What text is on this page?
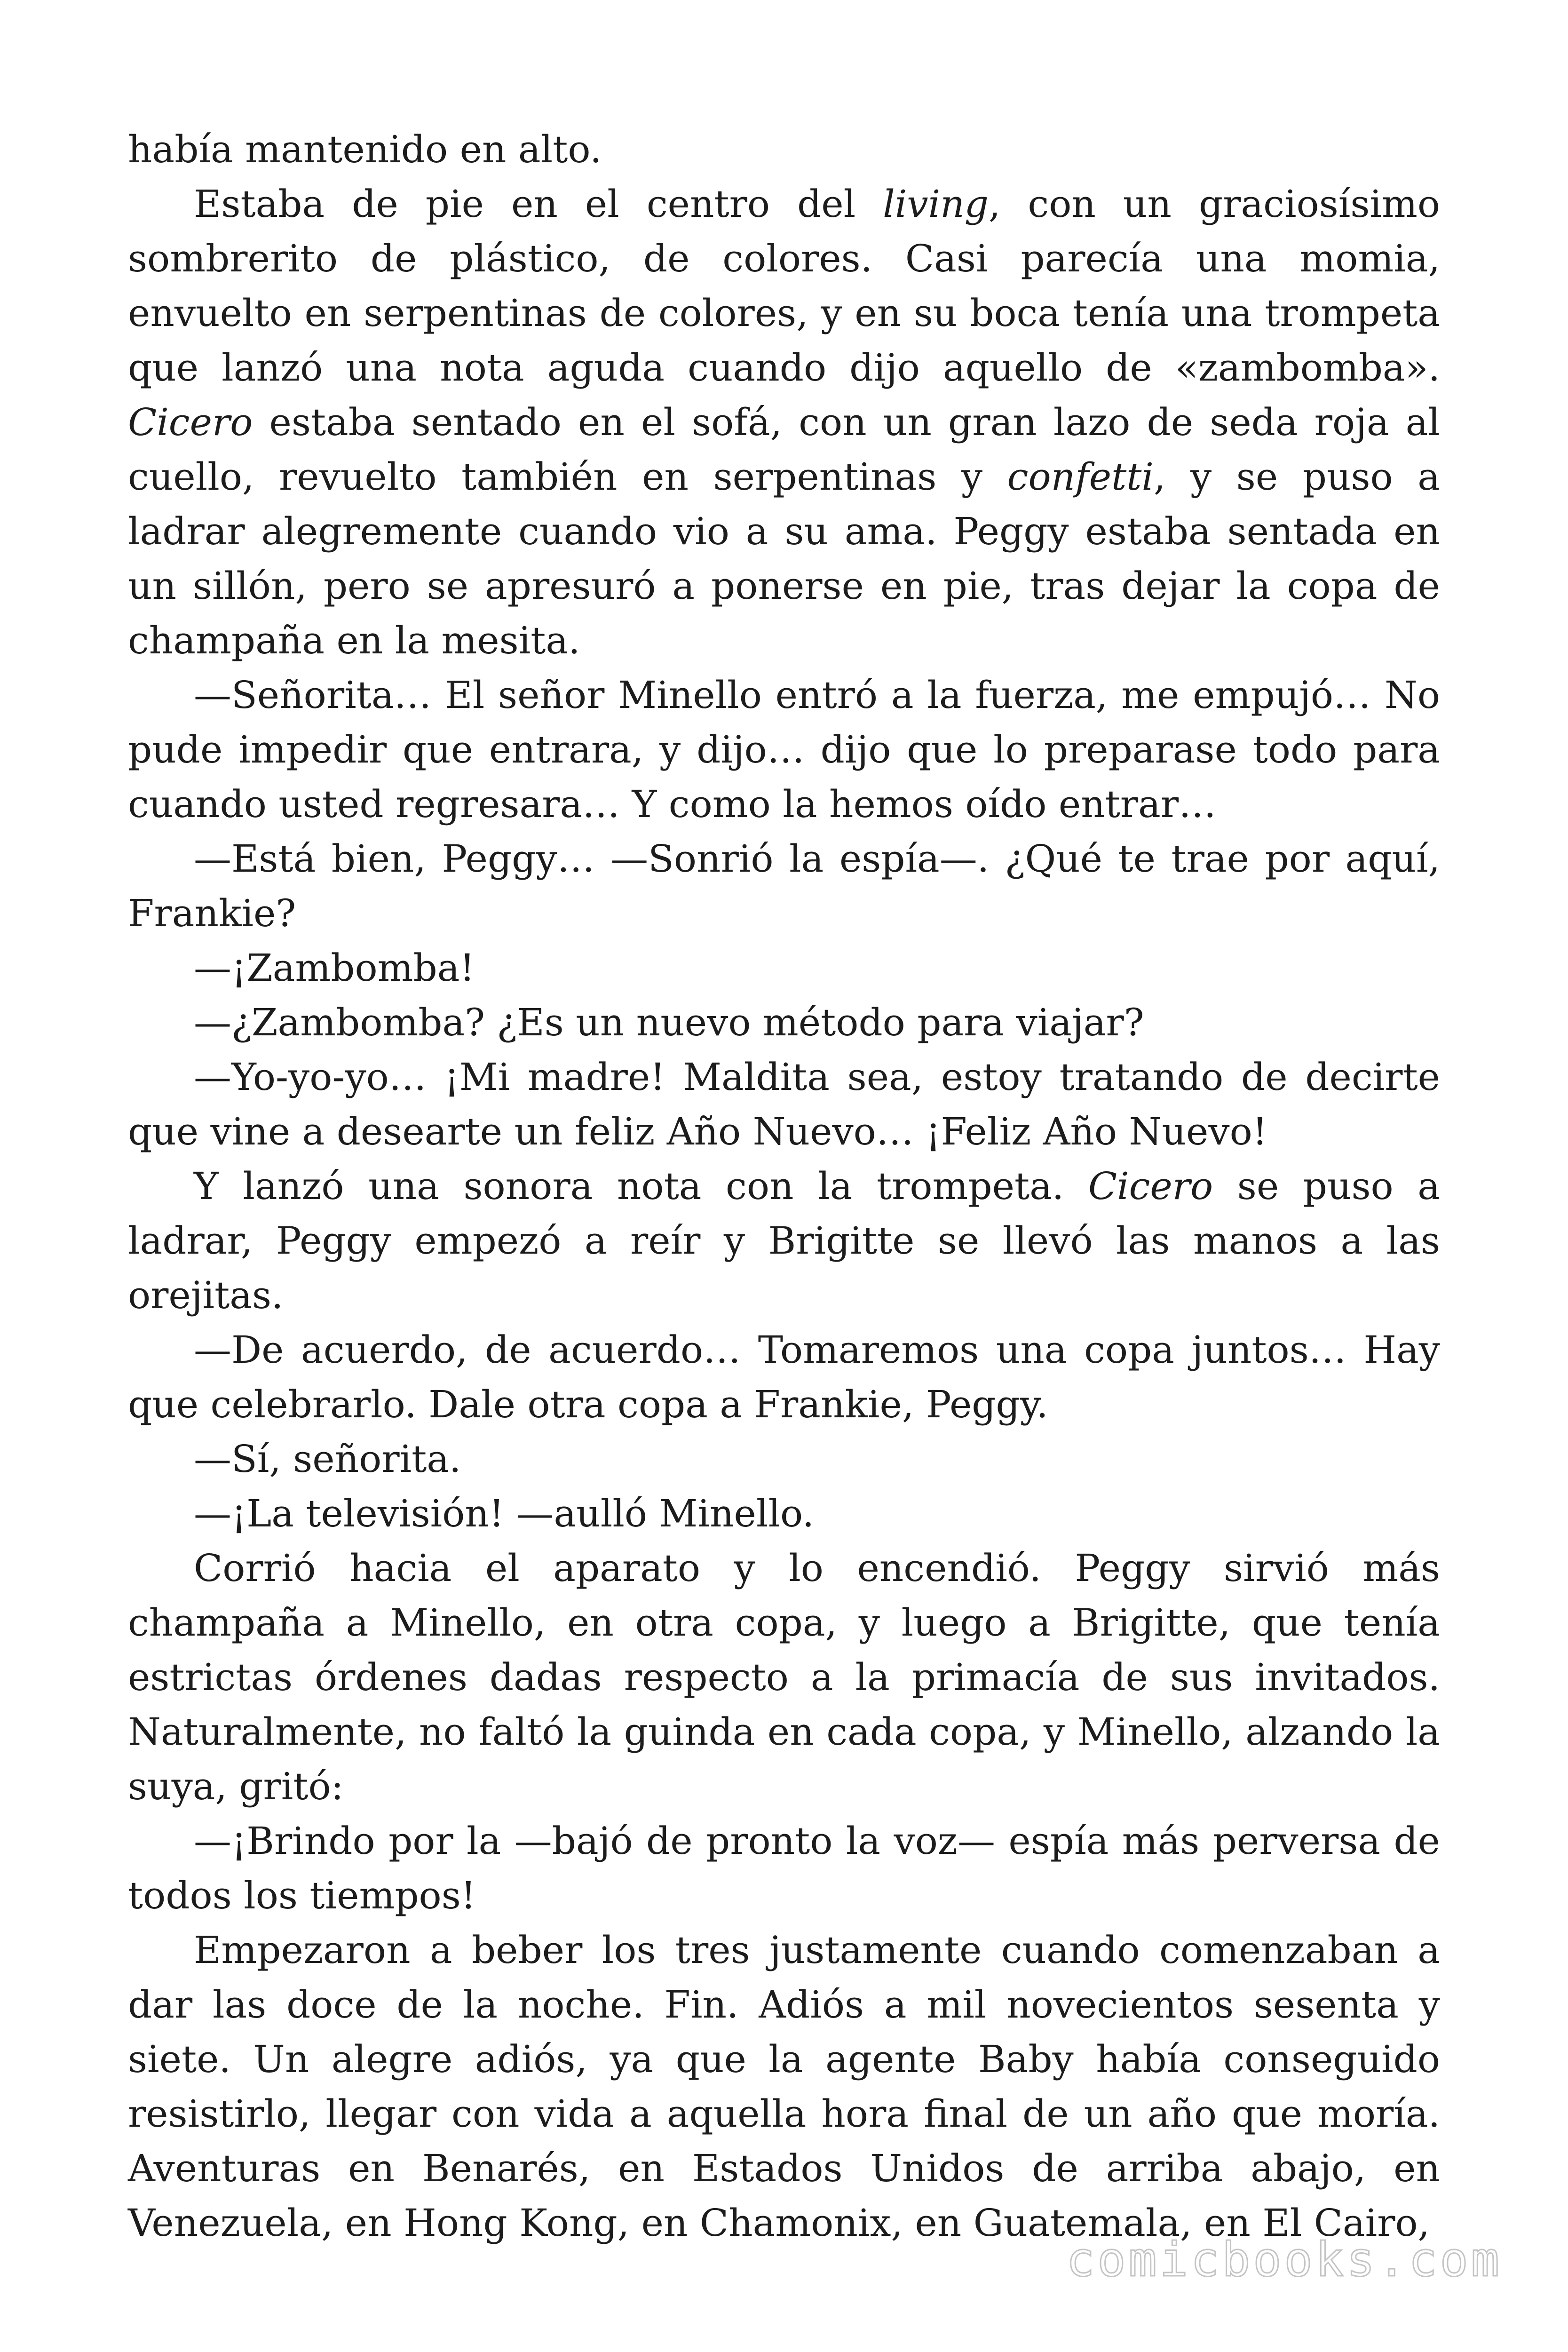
había mantenido en alto.

Estaba de pie en el centro del living, con un graciosísimo sombrerito de plástico, de colores. Casi parecía una momia, envuelto en serpentinas de colores, y en su boca tenía una trompeta que lanzó una nota aguda cuando dijo aquello de «zambomba». Cicero estaba sentado en el sofá, con un gran lazo de seda roja al cuello, revuelto también en serpentinas y confetti, y se puso a ladrar alegremente cuando vio a su ama. Peggy estaba sentada en un sillón, pero se apresuró a ponerse en pie, tras dejar la copa de champaña en la mesita.

—Señorita… El señor Minello entró a la fuerza, me empujó… No pude impedir que entrara, y dijo… dijo que lo preparase todo para cuando usted regresara… Y como la hemos oído entrar…

—Está bien, Peggy… —Sonrió la espía—. ¿Qué te trae por aquí, Frankie?

—¡Zambomba!

—¿Zambomba? ¿Es un nuevo método para viajar?

—Yo-yo-yo… ¡Mi madre! Maldita sea, estoy tratando de decirte que vine a desearte un feliz Año Nuevo… ¡Feliz Año Nuevo!

Y lanzó una sonora nota con la trompeta. Cicero se puso a ladrar, Peggy empezó a reír y Brigitte se llevó las manos a las orejitas.

—De acuerdo, de acuerdo… Tomaremos una copa juntos… Hay que celebrarlo. Dale otra copa a Frankie, Peggy.

—Sí, señorita.

—¡La televisión! —aulló Minello.

Corrió hacia el aparato y lo encendió. Peggy sirvió más champaña a Minello, en otra copa, y luego a Brigitte, que tenía estrictas órdenes dadas respecto a la primacía de sus invitados. Naturalmente, no faltó la guinda en cada copa, y Minello, alzando la suya, gritó:

—¡Brindo por la —bajó de pronto la voz— espía más perversa de todos los tiempos!

Empezaron a beber los tres justamente cuando comenzaban a dar las doce de la noche. Fin. Adiós a mil novecientos sesenta y siete. Un alegre adiós, ya que la agente Baby había conseguido resistirlo, llegar con vida a aquella hora final de un año que moría. Aventuras en Benarés, en Estados Unidos de arriba abajo, en Venezuela, en Hong Kong, en Chamonix, en Guatemala, en El Cairo,

comicbooks.com
